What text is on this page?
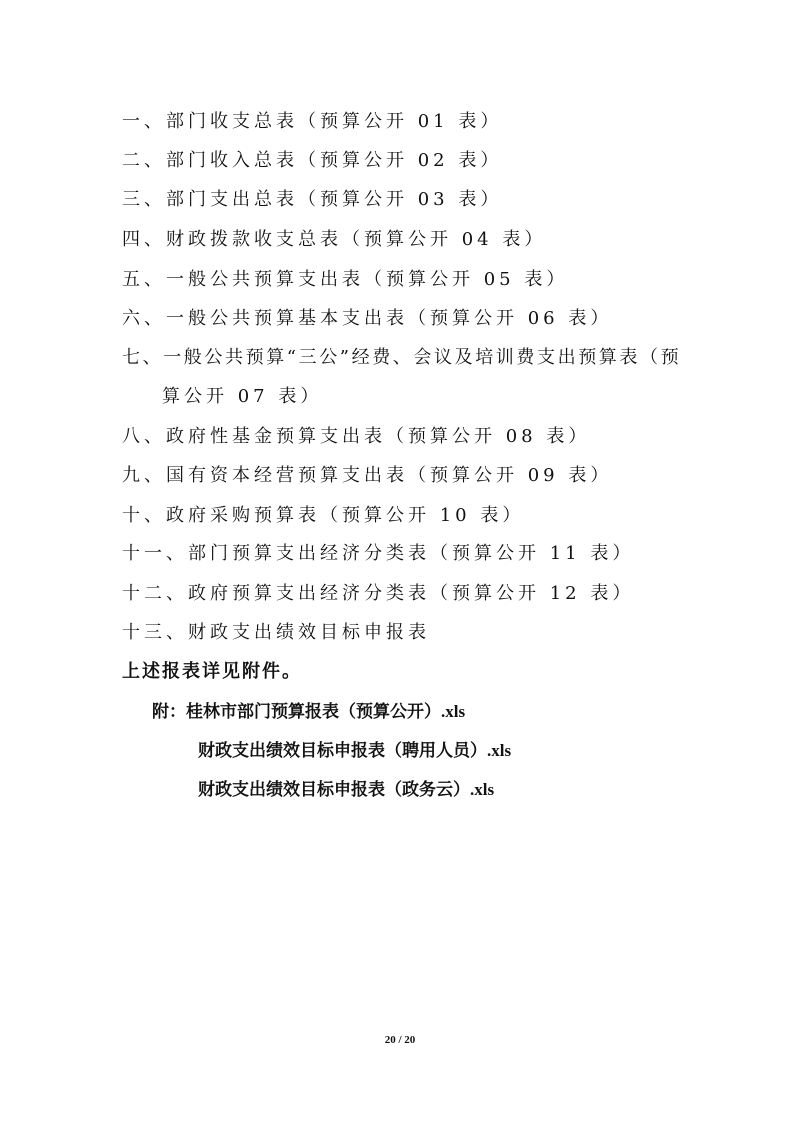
一、部门收支总表（预算公开 01 表）
二、部门收入总表（预算公开 02 表）
三、部门支出总表（预算公开 03 表）
四、财政拨款收支总表（预算公开 04 表）
五、一般公共预算支出表（预算公开 05 表）
六、一般公共预算基本支出表（预算公开 06 表）
七、一般公共预算“三公”经费、会议及培训费支出预算表（预
算公开 07 表）
八、政府性基金预算支出表（预算公开 08 表）
九、国有资本经营预算支出表（预算公开 09 表）
十、政府采购预算表（预算公开 10 表）
十一、部门预算支出经济分类表（预算公开 11 表）
十二、政府预算支出经济分类表（预算公开 12 表）
十三、财政支出绩效目标申报表
上述报表详见附件。
附：桂林市部门预算报表（预算公开）.xls
财政支出绩效目标申报表（聘用人员）.xls
财政支出绩效目标申报表（政务云）.xls
20 / 20
